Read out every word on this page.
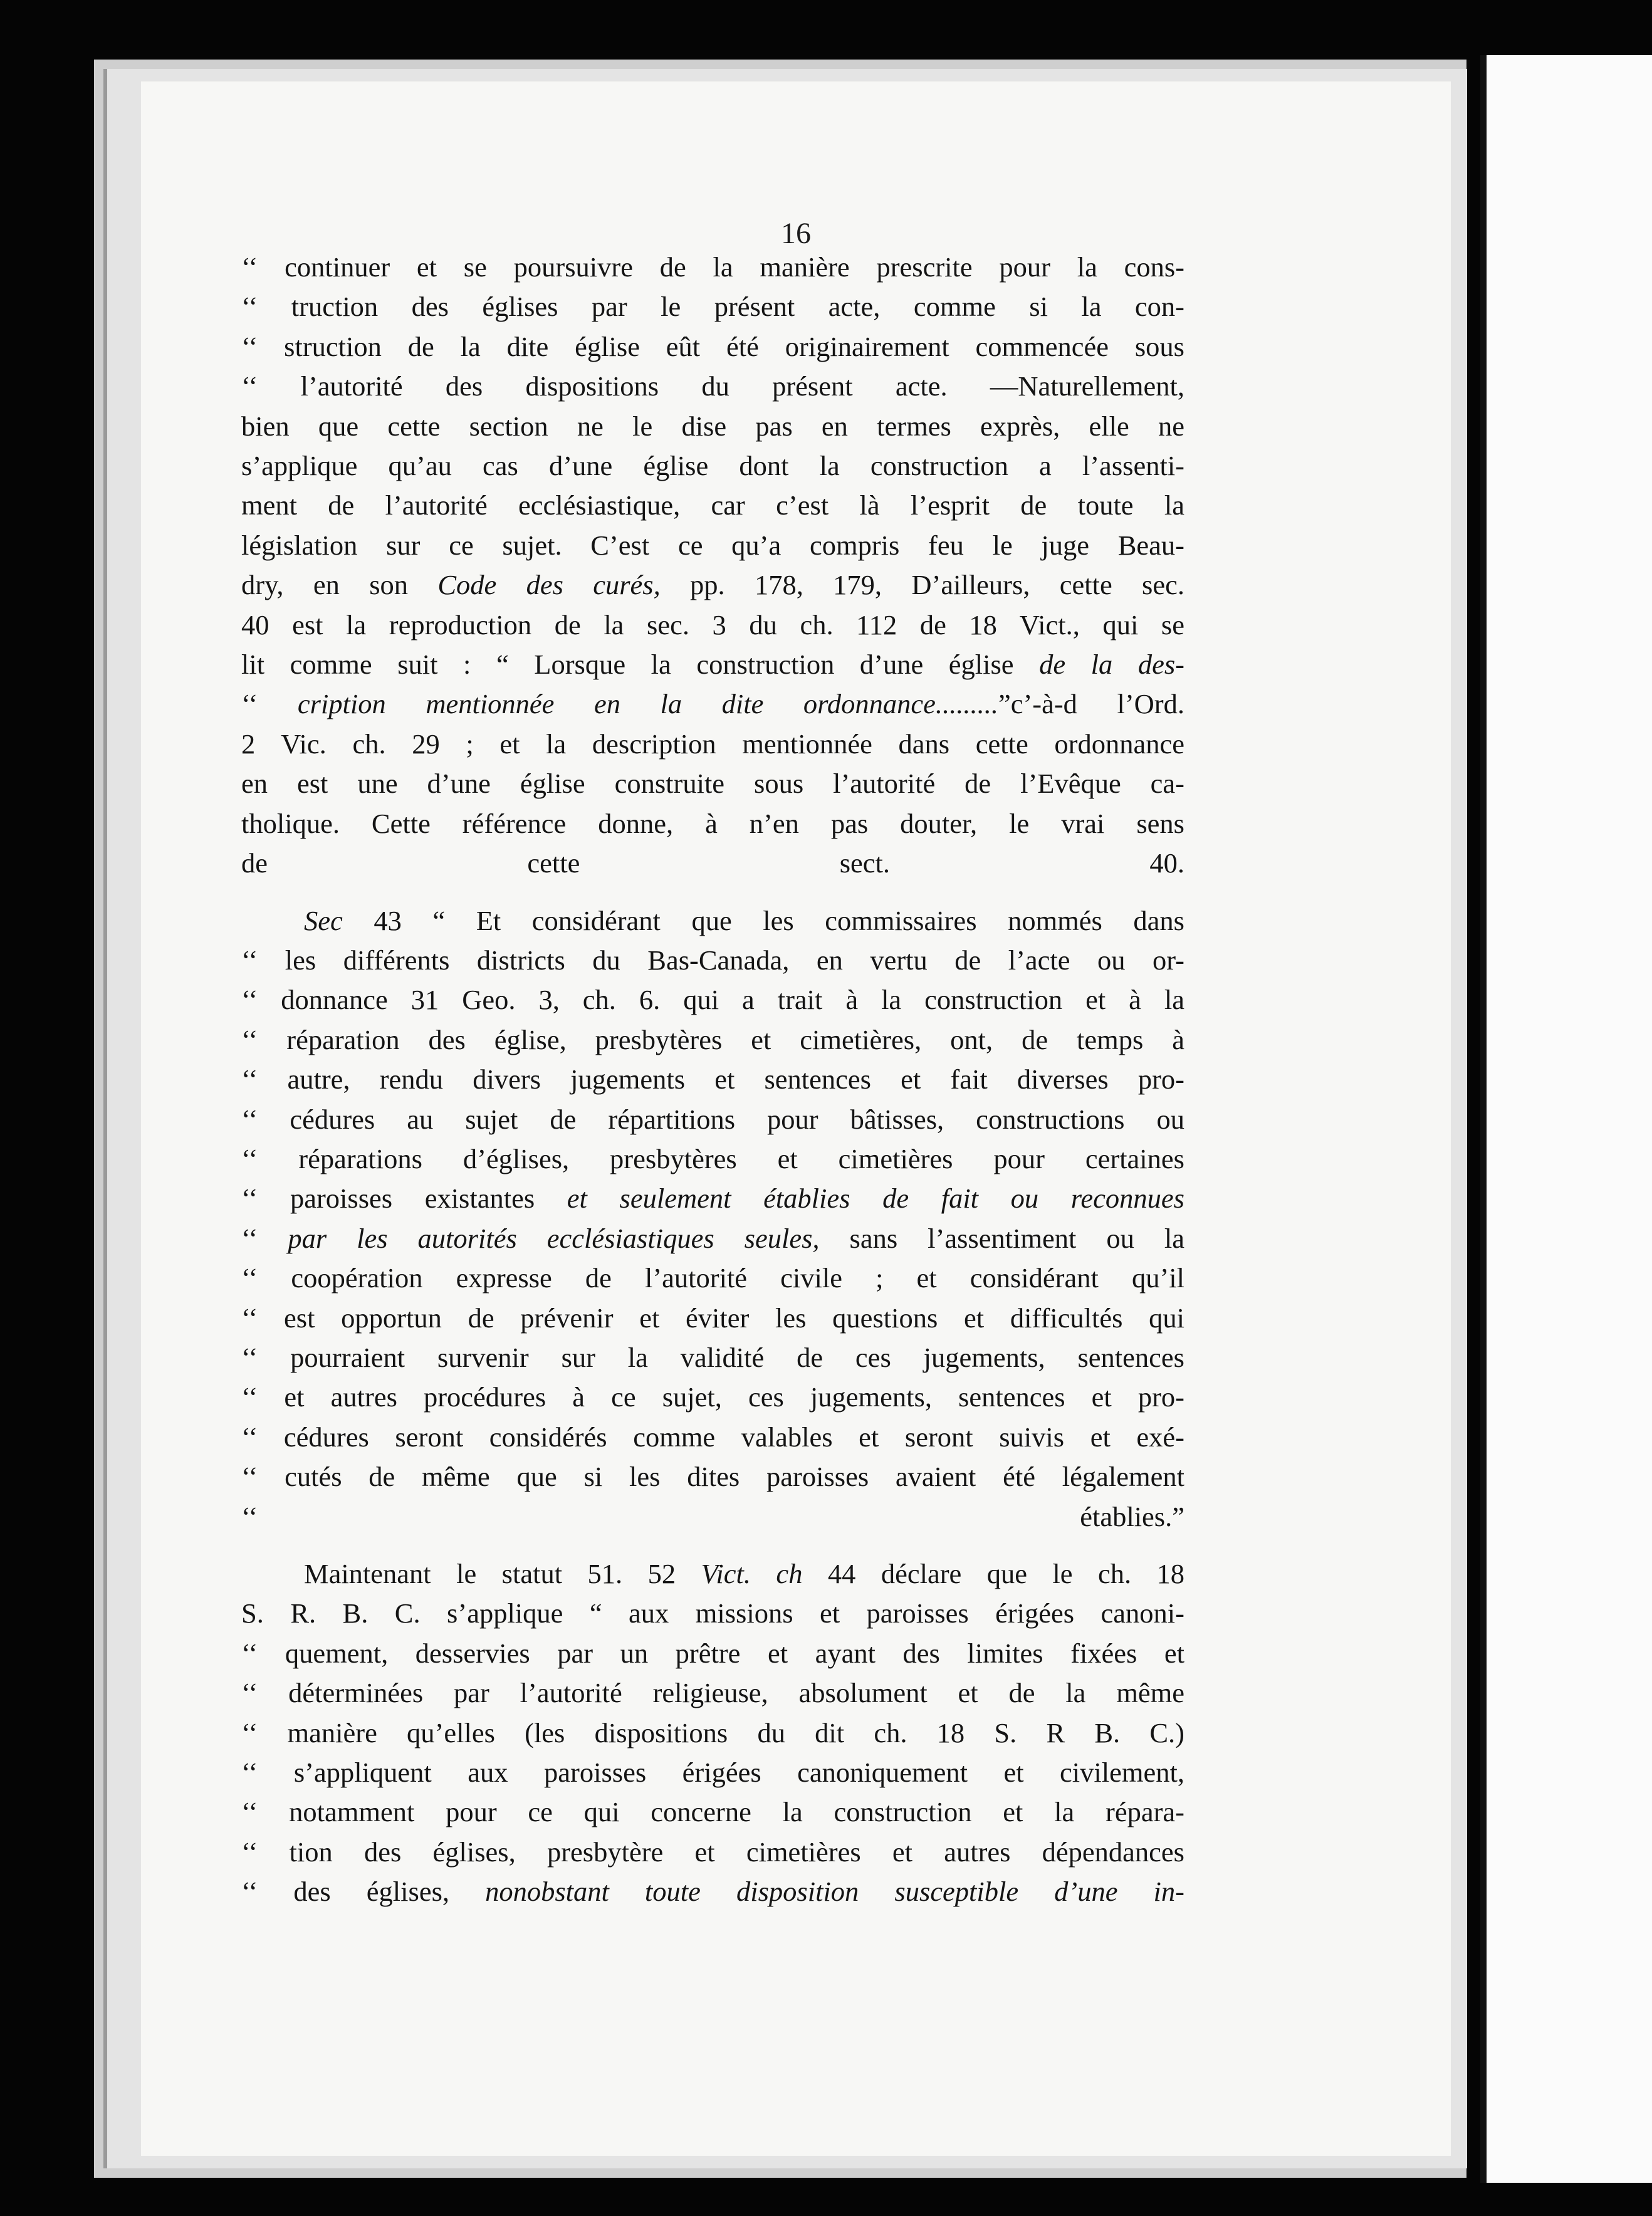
16

‘‘ continuer et se poursuivre de la manière prescrite pour la cons-
‘‘ truction des églises par le présent acte, comme si la con-
‘‘ struction de la dite église eût été originairement commencée sous
‘‘ l’autorité des dispositions du présent acte. —Naturellement,
bien que cette section ne le dise pas en termes exprès, elle ne
s’applique qu’au cas d’une église dont la construction a l’assenti-
ment de l’autorité ecclésiastique, car c’est là l’esprit de toute la
législation sur ce sujet. C’est ce qu’a compris feu le juge Beau-
dry, en son Code des curés, pp. 178, 179, D’ailleurs, cette sec.
40 est la reproduction de la sec. 3 du ch. 112 de 18 Vict., qui se
lit comme suit : “ Lorsque la construction d’une église de la des-
‘‘ cription mentionnée en la dite ordonnance.........”c’-à-d l’Ord.
2 Vic. ch. 29 ; et la description mentionnée dans cette ordonnance
en est une d’une église construite sous l’autorité de l’Evêque ca-
tholique. Cette référence donne, à n’en pas douter, le vrai sens
de cette sect. 40.

Sec 43 “ Et considérant que les commissaires nommés dans
‘‘ les différents districts du Bas-Canada, en vertu de l’acte ou or-
‘‘ donnance 31 Geo. 3, ch. 6. qui a trait à la construction et à la
‘‘ réparation des église, presbytères et cimetières, ont, de temps à
‘‘ autre, rendu divers jugements et sentences et fait diverses pro-
‘‘ cédures au sujet de répartitions pour bâtisses, constructions ou
‘‘ réparations d’églises, presbytères et cimetières pour certaines
‘‘ paroisses existantes et seulement établies de fait ou reconnues
‘‘ par les autorités ecclésiastiques seules, sans l’assentiment ou la
‘‘ coopération expresse de l’autorité civile ; et considérant qu’il
‘‘ est opportun de prévenir et éviter les questions et difficultés qui
‘‘ pourraient survenir sur la validité de ces jugements, sentences
‘‘ et autres procédures à ce sujet, ces jugements, sentences et pro-
‘‘ cédures seront considérés comme valables et seront suivis et exé-
‘‘ cutés de même que si les dites paroisses avaient été légalement
‘‘ établies.”

Maintenant le statut 51. 52 Vict. ch 44 déclare que le ch. 18
S. R. B. C. s’applique “ aux missions et paroisses érigées canoni-
‘‘ quement, desservies par un prêtre et ayant des limites fixées et
‘‘ déterminées par l’autorité religieuse, absolument et de la même
‘‘ manière qu’elles (les dispositions du dit ch. 18 S. R B. C.)
‘‘ s’appliquent aux paroisses érigées canoniquement et civilement,
‘‘ notamment pour ce qui concerne la construction et la répara-
‘‘ tion des églises, presbytère et cimetières et autres dépendances
‘‘ des églises, nonobstant toute disposition susceptible d’une in-
